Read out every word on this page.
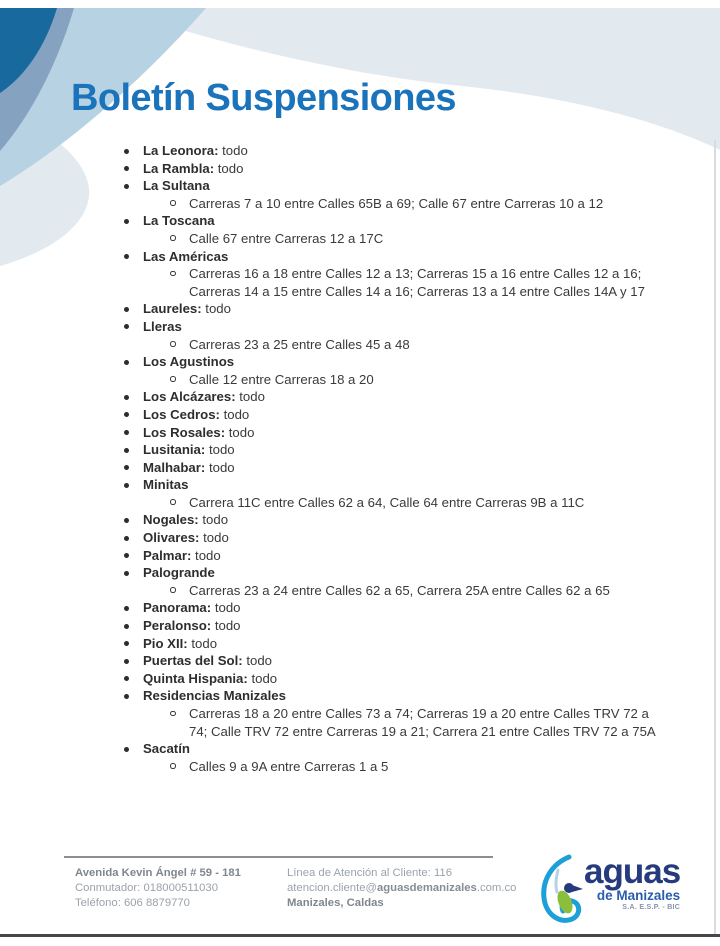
Boletín Suspensiones
La Leonora: todo
La Rambla: todo
La Sultana
Carreras 7 a 10 entre Calles 65B a 69; Calle 67 entre Carreras 10 a 12
La Toscana
Calle 67 entre Carreras 12 a 17C
Las Américas
Carreras 16 a 18 entre Calles 12 a 13; Carreras 15 a 16 entre Calles 12 a 16; Carreras 14 a 15 entre Calles 14 a 16; Carreras 13 a 14 entre Calles 14A y 17
Laureles: todo
Lleras
Carreras 23 a 25 entre Calles 45 a 48
Los Agustinos
Calle 12 entre Carreras 18 a 20
Los Alcázares: todo
Los Cedros: todo
Los Rosales: todo
Lusitania: todo
Malhabar: todo
Minitas
Carrera 11C entre Calles 62 a 64, Calle 64 entre Carreras 9B a 11C
Nogales: todo
Olivares: todo
Palmar: todo
Palogrande
Carreras 23 a 24 entre Calles 62 a 65, Carrera 25A entre Calles 62 a 65
Panorama: todo
Peralonso: todo
Pio XII: todo
Puertas del Sol: todo
Quinta Hispania: todo
Residencias Manizales
Carreras 18 a 20 entre Calles 73 a 74; Carreras 19 a 20 entre Calles TRV 72 a 74; Calle TRV 72 entre Carreras 19 a 21; Carrera 21 entre Calles TRV 72 a 75A
Sacatín
Calles 9 a 9A entre Carreras 1 a 5
Avenida Kevin Ángel # 59 - 181
Conmutador: 018000511030
Teléfono: 606 8879770
Línea de Atención al Cliente: 116
atencion.cliente@aguasdemanizales.com.co
Manizales, Caldas
aguas
de Manizales
S.A. E.S.P. - BIC
